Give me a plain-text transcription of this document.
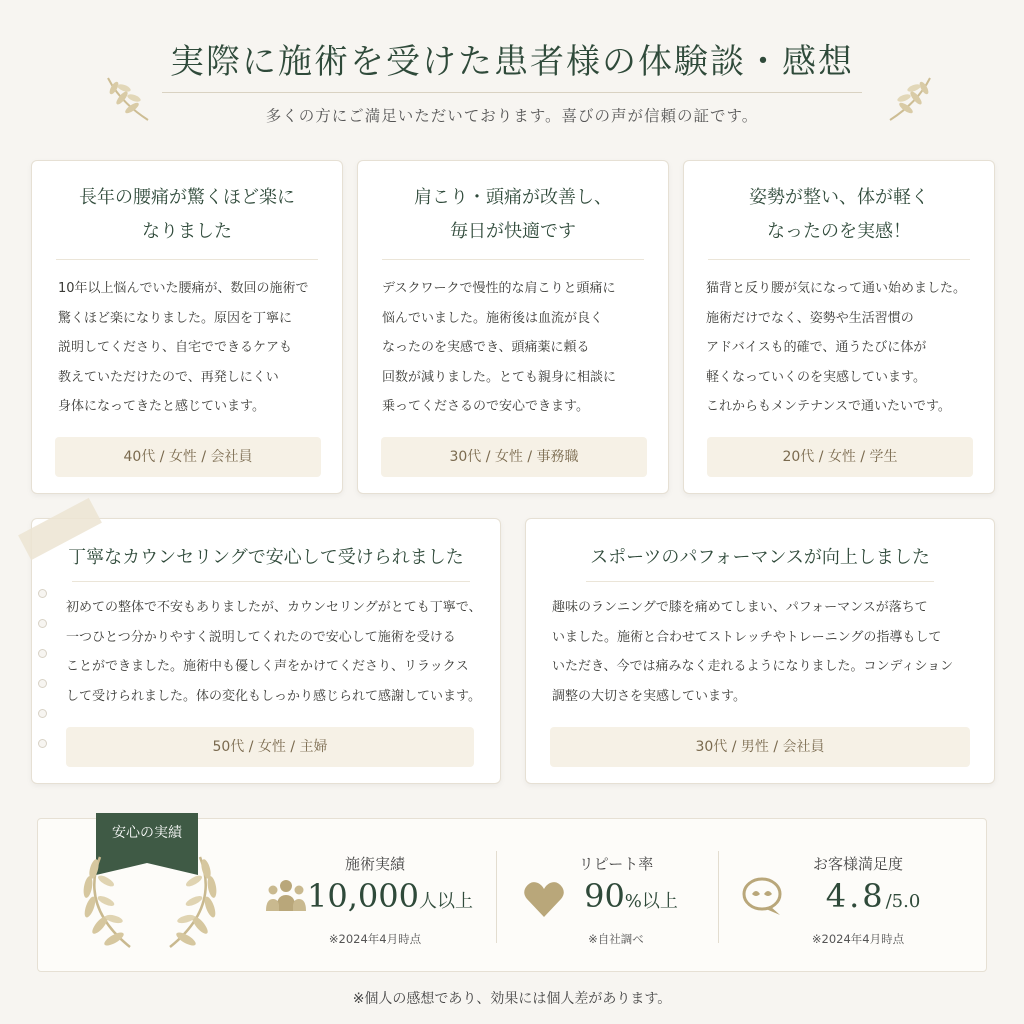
実際に施術を受けた患者様の体験談・感想
多くの方にご満足いただいております。喜びの声が信頼の証です。
長年の腰痛が驚くほど楽に
なりました
10年以上悩んでいた腰痛が、数回の施術で
驚くほど楽になりました。原因を丁寧に
説明してくださり、自宅でできるケアも
教えていただけたので、再発しにくい
身体になってきたと感じています。
40代 / 女性 / 会社員
肩こり・頭痛が改善し、
毎日が快適です
デスクワークで慢性的な肩こりと頭痛に
悩んでいました。施術後は血流が良く
なったのを実感でき、頭痛薬に頼る
回数が減りました。とても親身に相談に
乗ってくださるので安心できます。
30代 / 女性 / 事務職
姿勢が整い、体が軽く
なったのを実感！
猫背と反り腰が気になって通い始めました。
施術だけでなく、姿勢や生活習慣の
アドバイスも的確で、通うたびに体が
軽くなっていくのを実感しています。
これからもメンテナンスで通いたいです。
20代 / 女性 / 学生
丁寧なカウンセリングで安心して受けられました
初めての整体で不安もありましたが、カウンセリングがとても丁寧で、
一つひとつ分かりやすく説明してくれたので安心して施術を受ける
ことができました。施術中も優しく声をかけてくださり、リラックス
して受けられました。体の変化もしっかり感じられて感謝しています。
50代 / 女性 / 主婦
スポーツのパフォーマンスが向上しました
趣味のランニングで膝を痛めてしまい、パフォーマンスが落ちて
いました。施術と合わせてストレッチやトレーニングの指導もして
いただき、今では痛みなく走れるようになりました。コンディション
調整の大切さを実感しています。
30代 / 男性 / 会社員
安心の実績
施術実績
10,000人以上
※2024年4月時点
リピート率
90%以上
※自社調べ
お客様満足度
4.8/5.0
※2024年4月時点
※個人の感想であり、効果には個人差があります。
